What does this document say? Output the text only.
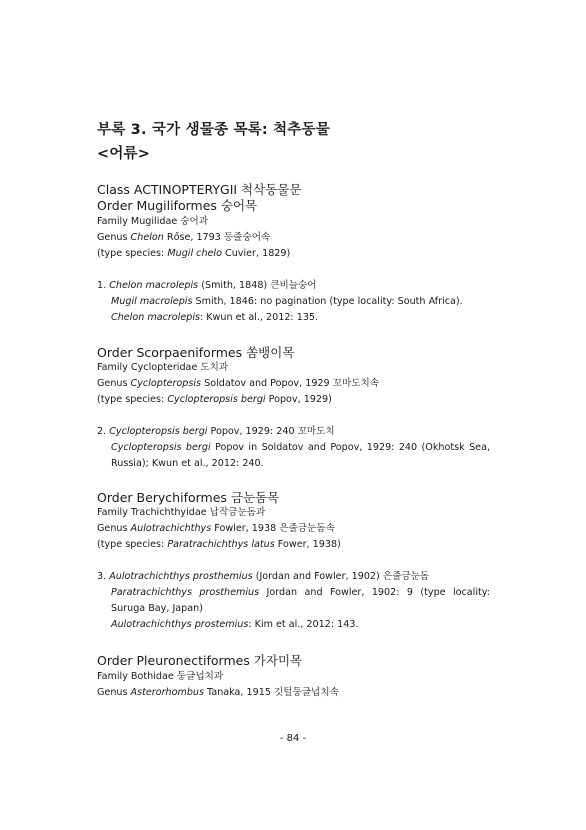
부록 3. 국가 생물종 목록: 척추동물
<어류>
Class ACTINOPTERYGII 척삭동물문
Order Mugiliformes 숭어목
Family Mugilidae 숭어과
Genus Chelon Rőse, 1793 등줄숭어속
(type species: Mugil chelo Cuvier, 1829)
1. Chelon macrolepis (Smith, 1848) 큰비늘숭어
Mugil macrolepis Smith, 1846: no pagination (type locality: South Africa).
Chelon macrolepis: Kwun et al., 2012: 135.
Order Scorpaeniformes 쏨뱅이목
Family Cyclopteridae 도치과
Genus Cyclopteropsis Soldatov and Popov, 1929 꼬마도치속
(type species: Cyclopteropsis bergi Popov, 1929)
2. Cyclopteropsis bergi Popov, 1929: 240 꼬마도치
Cyclopteropsis bergi Popov in Soldatov and Popov, 1929: 240 (Okhotsk Sea,
Russia); Kwun et al., 2012: 240.
Order Berychiformes 금눈돔목
Family Trachichthyidae 납작금눈돔과
Genus Aulotrachichthys Fowler, 1938 은줄금눈돔속
(type species: Paratrachichthys latus Fower, 1938)
3. Aulotrachichthys prosthemius (Jordan and Fowler, 1902) 은줄금눈돔
Paratrachichthys prosthemius Jordan and Fowler, 1902: 9 (type locality:
Suruga Bay, Japan)
Aulotrachichthys prostemius: Kim et al., 2012: 143.
Order Pleuronectiformes 가자미목
Family Bothidae 둥글넙치과
Genus Asterorhombus Tanaka, 1915 깃털둥글넙치속
- 84 -
